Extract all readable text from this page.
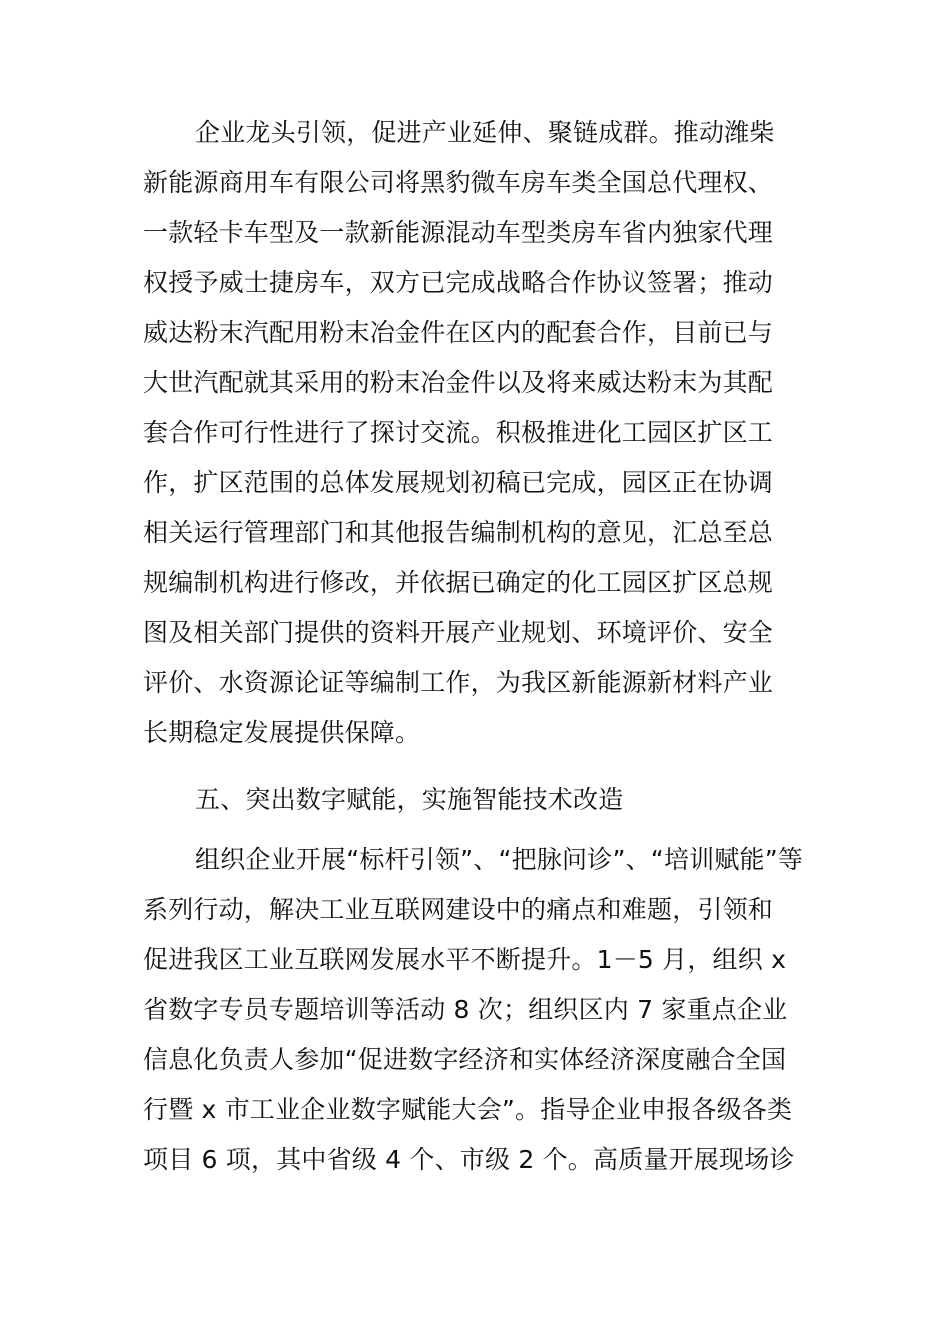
企业龙头引领，促进产业延伸、聚链成群。推动潍柴
新能源商用车有限公司将黑豹微车房车类全国总代理权、
一款轻卡车型及一款新能源混动车型类房车省内独家代理
权授予威士捷房车，双方已完成战略合作协议签署；推动
威达粉末汽配用粉末冶金件在区内的配套合作，目前已与
大世汽配就其采用的粉末冶金件以及将来威达粉末为其配
套合作可行性进行了探讨交流。积极推进化工园区扩区工
作，扩区范围的总体发展规划初稿已完成，园区正在协调
相关运行管理部门和其他报告编制机构的意见，汇总至总
规编制机构进行修改，并依据已确定的化工园区扩区总规
图及相关部门提供的资料开展产业规划、环境评价、安全
评价、水资源论证等编制工作，为我区新能源新材料产业
长期稳定发展提供保障。
五、突出数字赋能，实施智能技术改造
组织企业开展“标杆引领”、“把脉问诊”、“培训赋能”等
系列行动，解决工业互联网建设中的痛点和难题，引领和
促进我区工业互联网发展水平不断提升。1－5 月，组织 x
省数字专员专题培训等活动 8 次；组织区内 7 家重点企业
信息化负责人参加“促进数字经济和实体经济深度融合全国
行暨 x 市工业企业数字赋能大会”。指导企业申报各级各类
项目 6 项，其中省级 4 个、市级 2 个。高质量开展现场诊
